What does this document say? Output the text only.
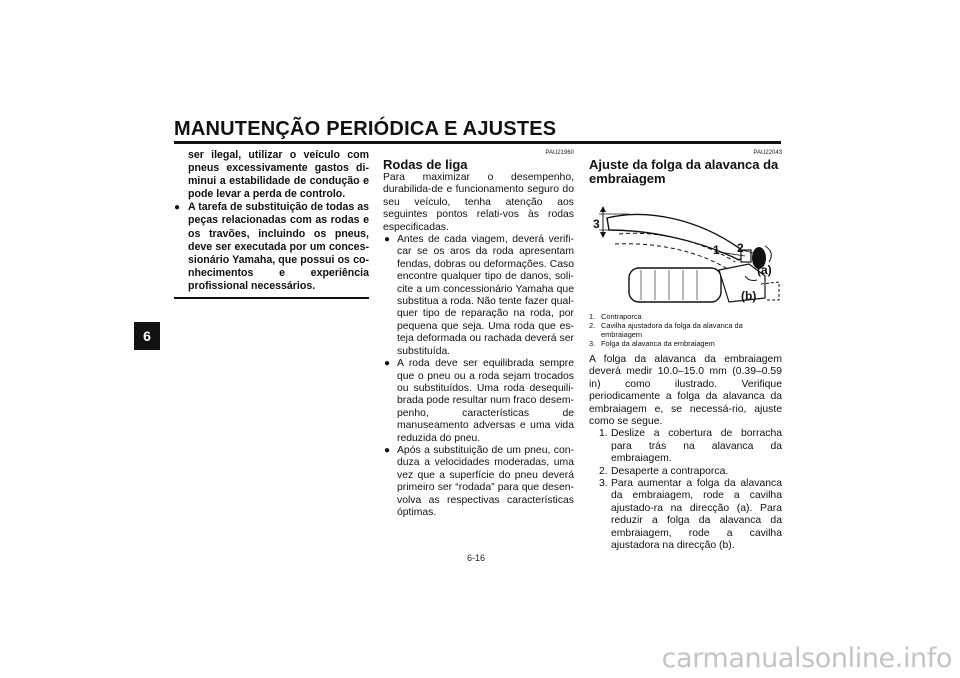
MANUTENÇÃO PERIÓDICA E AJUSTES
6
ser ilegal, utilizar o veículo com pneus excessivamente gastos di-minui a estabilidade de condução e pode levar a perda de controlo.
● A tarefa de substituição de todas as peças relacionadas com as rodas e os travões, incluindo os pneus, deve ser executada por um conces-sionário Yamaha, que possui os co-nhecimentos e experiência profissional necessários.
PAU21960
Rodas de liga
Para maximizar o desempenho, durabilida-de e funcionamento seguro do seu veículo, tenha atenção aos seguintes pontos relati-vos às rodas especificadas.
● Antes de cada viagem, deverá verifi-car se os aros da roda apresentam fendas, dobras ou deformações. Caso encontre qualquer tipo de danos, soli-cite a um concessionário Yamaha que substitua a roda. Não tente fazer qual-quer tipo de reparação na roda, por pequena que seja. Uma roda que es-teja deformada ou rachada deverá ser substituída.
● A roda deve ser equilibrada sempre que o pneu ou a roda sejam trocados ou substituídos. Uma roda desequili-brada pode resultar num fraco desem-penho, características de manuseamento adversas e uma vida reduzida do pneu.
● Após a substituição de um pneu, con-duza a velocidades moderadas, uma vez que a superfície do pneu deverá primeiro ser “rodada” para que desen-volva as respectivas características óptimas.
PAU22043
Ajuste da folga da alavanca da embraiagem
3
1 2
(a)
(b)
1. Contraporca
2. Cavilha ajustadora da folga da alavanca da embraiagem
3. Folga da alavanca da embraiagem
A folga da alavanca da embraiagem deverá medir 10.0–15.0 mm (0.39–0.59 in) como ilustrado. Verifique periodicamente a folga da alavanca da embraiagem e, se necessá-rio, ajuste como se segue.
1. Deslize a cobertura de borracha para trás na alavanca da embraiagem.
2. Desaperte a contraporca.
3. Para aumentar a folga da alavanca da embraiagem, rode a cavilha ajustado-ra na direcção (a). Para reduzir a folga da alavanca da embraiagem, rode a cavilha ajustadora na direcção (b).
6-16
carmanualsonline.info
